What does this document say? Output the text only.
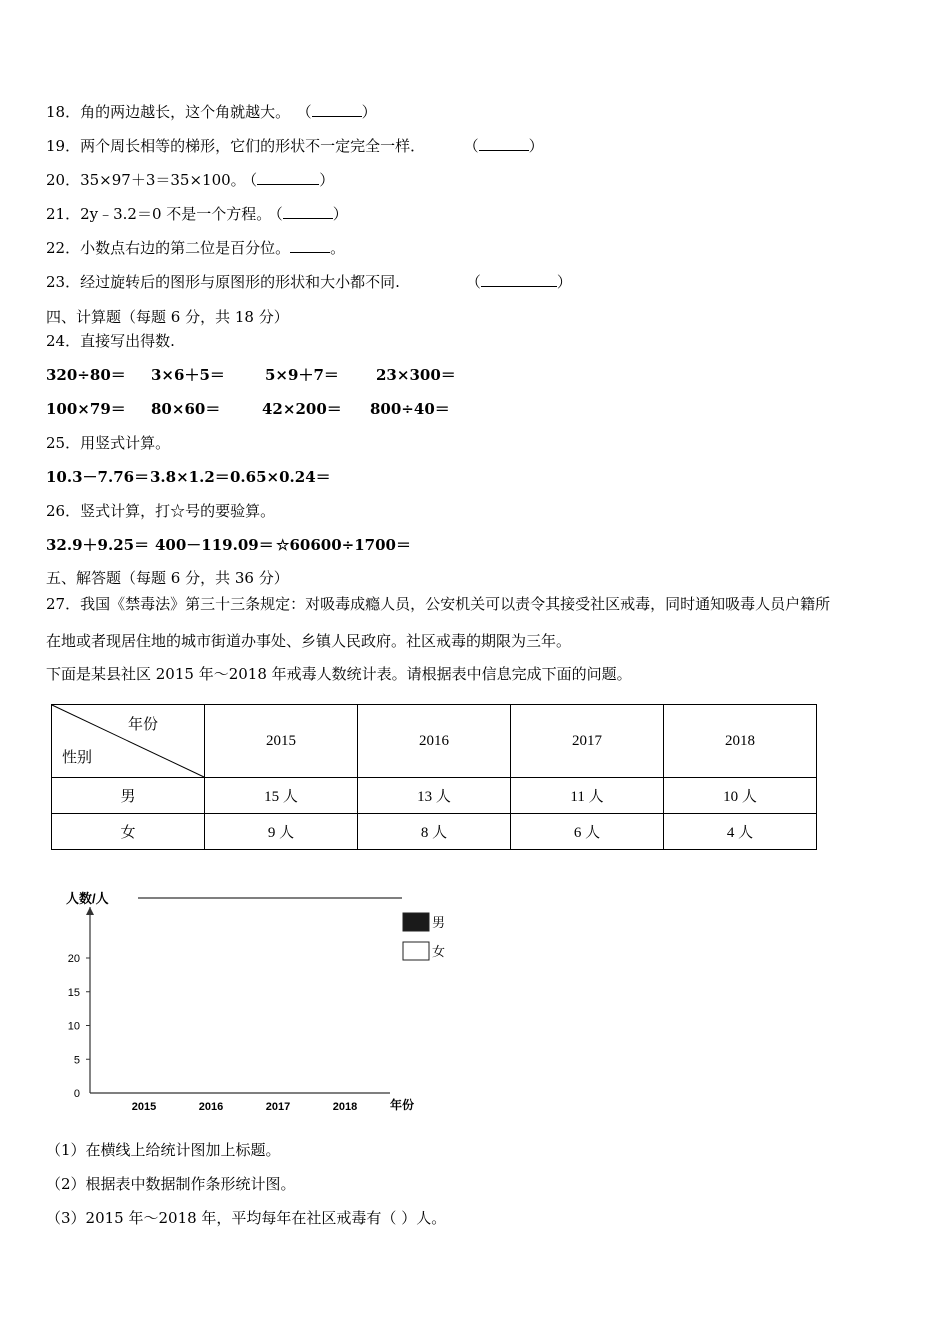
18．角的两边越长，这个角就越大。 （	）
19．两个周长相等的梯形，它们的形状不一定完全一样．	（	）
20．35×97＋3＝35×100。 （	）
21．2y﹣3.2＝0 不是一个方程。 （	）
22．小数点右边的第二位是百分位。	。
23．经过旋转后的图形与原图形的形状和大小都不同.	（	）
四、计算题（每题 6 分，共 18 分）
24．直接写出得数.
320÷80＝ 3×6＋5＝	5×9＋7＝ 23×300＝
100×79＝ 80×60＝	42×200＝ 800÷40＝
25．用竖式计算。
10.3－7.76＝ 3.8×1.2＝ 0.65×0.24＝
26．竖式计算，打☆号的要验算。
32.9＋9.25＝ 400－119.09＝ ☆60600÷1700＝
五、解答题（每题 6 分，共 36 分）
27．我国《禁毒法》第三十三条规定：对吸毒成瘾人员，公安机关可以责令其接受社区戒毒，同时通知吸毒人员户籍所
在地或者现居住地的城市街道办事处、乡镇人民政府。社区戒毒的期限为三年。
下面是某县社区 2015 年～2018 年戒毒人数统计表。请根据表中信息完成下面的问题。
年份
性别	2015	2016	2017	2018
男	15 人	13 人	11 人	10 人
女	9 人	8 人	6 人	4 人
人数/人
0
5
10
15
20
2015	2016	2017	2018
男
女
年份
（1）在横线上给统计图加上标题。
（2）根据表中数据制作条形统计图。
（3）2015 年～2018 年，平均每年在社区戒毒有（ ）人。
